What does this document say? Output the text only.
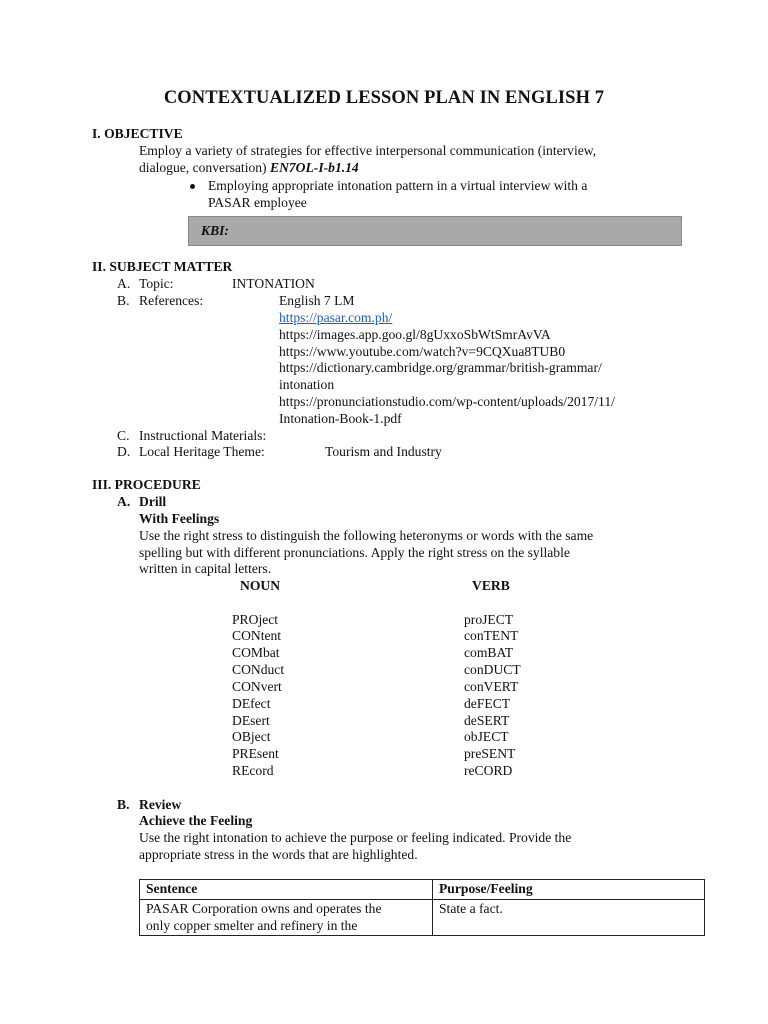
CONTEXTUALIZED LESSON PLAN IN ENGLISH 7
I. OBJECTIVE
Employ a variety of strategies for effective interpersonal communication (interview,
dialogue, conversation) EN7OL-I-b1.14
Employing appropriate intonation pattern in a virtual interview with a
PASAR employee
KBI:
II. SUBJECT MATTER
A. Topic:	INTONATION
B. References:	English 7 LM
https://pasar.com.ph/
https://images.app.goo.gl/8gUxxoSbWtSmrAvVA
https://www.youtube.com/watch?v=9CQXua8TUB0
https://dictionary.cambridge.org/grammar/british-grammar/
intonation
https://pronunciationstudio.com/wp-content/uploads/2017/11/
Intonation-Book-1.pdf
C. Instructional Materials:
D. Local Heritage Theme:	Tourism and Industry
III. PROCEDURE
A. Drill
With Feelings
Use the right stress to distinguish the following heteronyms or words with the same
spelling but with different pronunciations. Apply the right stress on the syllable
written in capital letters.
NOUN	VERB
PROject	proJECT
CONtent	conTENT
COMbat	comBAT
CONduct	conDUCT
CONvert	conVERT
DEfect	deFECT
DEsert	deSERT
OBject	obJECT
PREsent	preSENT
REcord	reCORD
B. Review
Achieve the Feeling
Use the right intonation to achieve the purpose or feeling indicated. Provide the
appropriate stress in the words that are highlighted.
Sentence	Purpose/Feeling

PASAR Corporation owns and operates the
only copper smelter and refinery in the	State a fact.
